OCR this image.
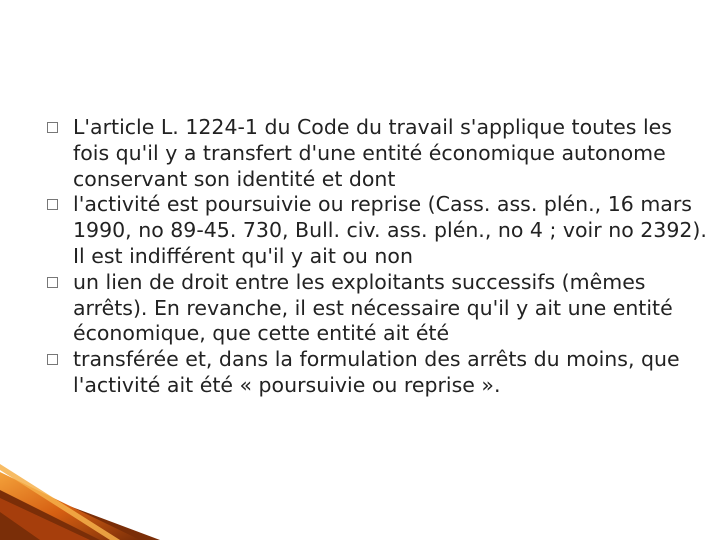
L'article L. 1224-1 du Code du travail s'applique toutes les fois qu'il y a transfert d'une entité économique autonome conservant son identité et dont

l'activité est poursuivie ou reprise (Cass. ass. plén., 16 mars 1990, no 89-45. 730, Bull. civ. ass. plén., no 4 ; voir no 2392). Il est indifférent qu'il y ait ou non

un lien de droit entre les exploitants successifs (mêmes arrêts). En revanche, il est nécessaire qu'il y ait une entité économique, que cette entité ait été

transférée et, dans la formulation des arrêts du moins, que l'activité ait été « poursuivie ou reprise ».
